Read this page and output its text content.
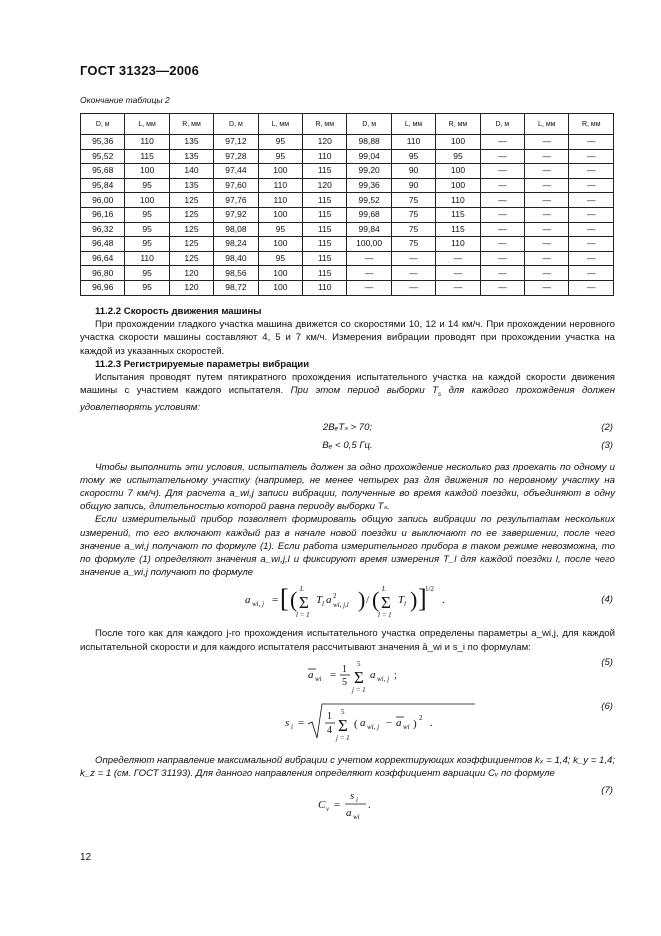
ГОСТ 31323—2006
Окончание таблицы 2
D, м	L, мм	R, мм	D, м	L, мм	R, мм	D, м	L, мм	R, мм	D, м	L, мм	R, мм
95,36	110	135	97,12	95	120	98,88	110	100	—	—	—
95,52	115	135	97,28	95	110	99,04	95	95	—	—	—
95,68	100	140	97,44	100	115	99,20	90	100	—	—	—
95,84	95	135	97,60	110	120	99,36	90	100	—	—	—
96,00	100	125	97,76	110	115	99,52	75	110	—	—	—
96,16	95	125	97,92	100	115	99,68	75	115	—	—	—
96,32	95	125	98,08	95	115	99,84	75	115	—	—	—
96,48	95	125	98,24	100	115	100,00	75	110	—	—	—
96,64	110	125	98,40	95	115	—	—	—	—	—	—
96,80	95	120	98,56	100	115	—	—	—	—	—	—
96,96	95	120	98,72	100	110	—	—	—	—	—	—

11.2.2 Скорость движения машины

При прохождении гладкого участка машина движется со скоростями 10, 12 и 14 км/ч. При прохождении неровного участка скорости машины составляют 4, 5 и 7 км/ч. Измерения вибрации проводят при прохождении участка на каждой из указанных скоростей.

11.2.3 Регистрируемые параметры вибрации

Испытания проводят путем пятикратного прохождения испытательного участка на каждой скорости движения машины с участием каждого испытателя. При этом период выборки $T_s$ для каждого прохождения должен удовлетворять условиям:

2BₑTₛ > 70;	(2)
Bₑ < 0,5 Гц.	(3)

Чтобы выполнить эти условия, испытатель должен за одно прохождение несколько раз проехать по одному и тому же испытательному участку (например, не менее четырех раз для движения по неровному участку на скорости 7 км/ч). Для расчета a_wi,j записи вибрации, полученные во время каждой поездки, объединяют в одну общую запись, длительностью которой равна периоду выборки Tₛ.

Если измерительный прибор позволяет формировать общую запись вибрации по результатам нескольких измерений, то его включают каждый раз в начале новой поездки и выключают по ее завершении, после чего значение a_wi,j получают по формуле (1). Если работа измерительного прибора в таком режиме невозможна, то по формуле (1) определяют значения a_wi,j,l и фиксируют время измерения T_l для каждой поездки l, после чего значение a_wi,j получают по формуле

a wi, j = [ ( Σ
L
l = 1
T l a 2
wi, j,l ) / ( Σ
L
l = 1
T l ) ]
1/2
.	(4)

После того как для каждого j-го прохождения испытательного участка определены параметры a_wi,j, для каждой испытательной скорости и для каждого испытателя рассчитывают значения ā_wi и s_i по формулам:

a wi = 1
5 Σ
5
j = 1
a wi, j ;
(5)
s i =
1
4 Σ
5
j = 1
( a wi, j − a wi ) 2 .
(6)

Определяют направление максимальной вибрации с учетом корректирующих коэффициентов kₓ = 1,4; k_y = 1,4; k_z = 1 (см. ГОСТ 31193). Для данного направления определяют коэффициент вариации Cᵥ по формуле

C v =
s i
a wi
.
(7)
12
